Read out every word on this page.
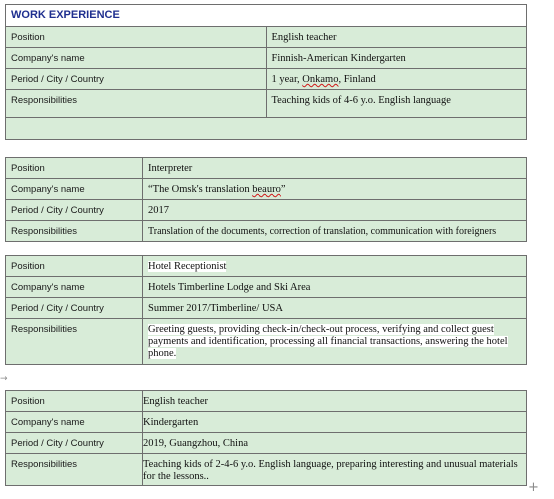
WORK EXPERIENCE	
Position	English teacher
Company's name	Finnish-American Kindergarten
Period / City / Country	1 year, Onkamo, Finland
Responsibilities	Teaching kids of 4-6 y.o. English language

Position	Interpreter
Company's name	“The Omsk's translation beauro”
Period / City / Country	2017
Responsibilities	Translation of the documents, correction of translation, communication with foreigners
Position	Hotel Receptionist
Company's name	Hotels Timberline Lodge and Ski Area
Period / City / Country	Summer 2017/Timberline/ USA
Responsibilities	Greeting guests, providing check-in/check-out process, verifying and collect guest payments and identification, processing all financial transactions, answering the hotel phone.
Position	English teacher
Company's name	Kindergarten
Period / City / Country	2019, Guangzhou, China
Responsibilities	Teaching kids of 2-4-6 y.o. English language, preparing interesting and unusual materials for the lessons..
→
+
